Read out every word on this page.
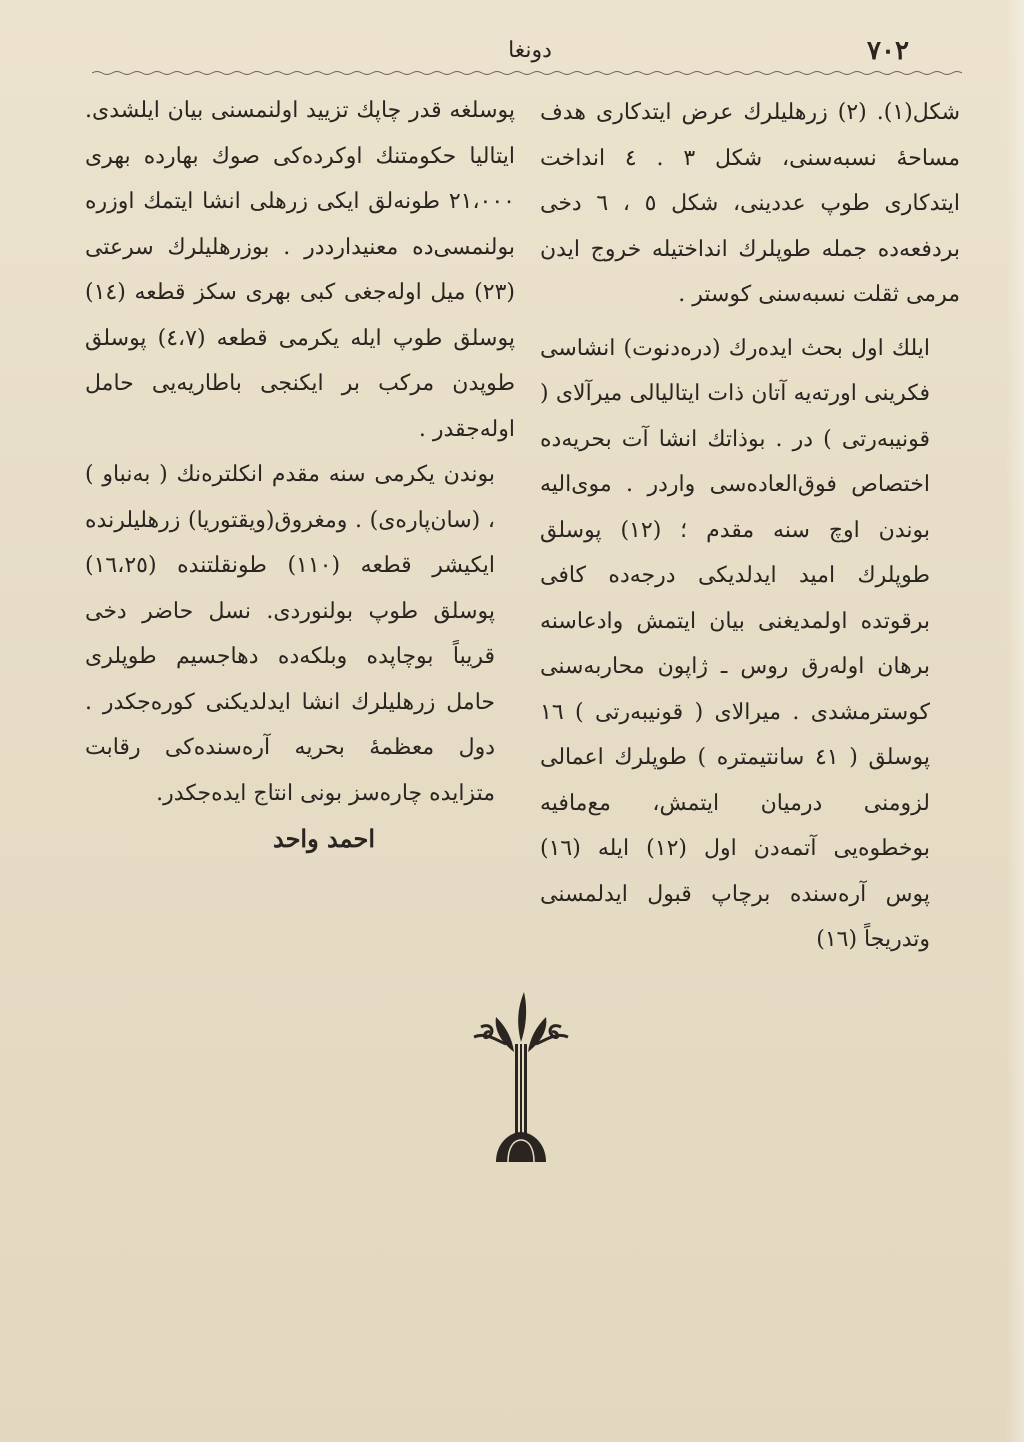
دونغا	۷۰۲

شکل(۱). (۲) زرهلیلرك عرض ایتدکاری هدف مساحهٔ نسبه‌سنی، شکل ۳ . ٤ انداخت ایتدکاری طوپ عددینی، شکل ٥ ، ٦ دخی بردفعه‌ده جمله طوپلرك انداختیله خروج ایدن مرمی ثقلت نسبه‌سنی کوستر .

ایلك اول بحث ایده‌رك (دره‌دنوت) انشاسی فکرینی اورته‌یه آتان ذات ایتالیالی میرآلای ( قونیبه‌رتی ) در . بوذاتك انشا آت بحریه‌ده اختصاص فوق‌العاده‌سی واردر . موی‌الیه بوندن اوچ سنه مقدم ؛ (۱۲) پوسلق طوپلرك امید ایدلدیکی درجه‌ده کافی برقوتده اولمدیغنی بیان ایتمش وادعاسنه برهان اوله‌رق روس ـ ژاپون محاربه‌سنی کوسترمشدی . میرالای ( قونیبه‌رتی ) ۱٦ پوسلق ( ٤۱ سانتیمتره ) طوپلرك اعمالی لزومنی درمیان ایتمش، مع‌مافیه بوخطوه‌یی آتمه‌دن اول (۱۲) ایله (۱٦) پوس آره‌سنده برچاپ قبول ایدلمسنی وتدریجاً (۱٦)

پوسلغه قدر چاپك تزیید اولنمسنی بیان ایلشدی. ایتالیا حکومتنك اوکرده‌کی صوك بهارده بهری ۲۱،۰۰۰ طونه‌لق ایکی زرهلی انشا ایتمك اوزره بولنمسی‌ده معنیدارددر . بوزرهلیلرك سرعتی (۲۳) میل اوله‌جغی کبی بهری سکز قطعه (۱٤) پوسلق طوپ ایله یکرمی قطعه (٤،۷) پوسلق طوپدن مرکب بر ایکنجی باطاریه‌یی حامل اوله‌جقدر .

بوندن یکرمی سنه مقدم انکلتره‌نك ( به‌نباو ) ، (سان‌پاره‌ی) . ومغروق(ویقتوریا) زرهلیلرنده ایکیشر قطعه (۱۱۰) طونقلتنده (۱٦،۲٥) پوسلق طوپ بولنوردی. نسل حاضر دخی قریباً بوچاپده وبلکه‌ده دهاجسیم طوپلری حامل زرهلیلرك انشا ایدلدیکنی کوره‌جکدر . دول معظمهٔ بحریه آره‌سنده‌کی رقابت متزایده چاره‌سز بونی انتاج ایده‌جکدر.

احمد واحد
